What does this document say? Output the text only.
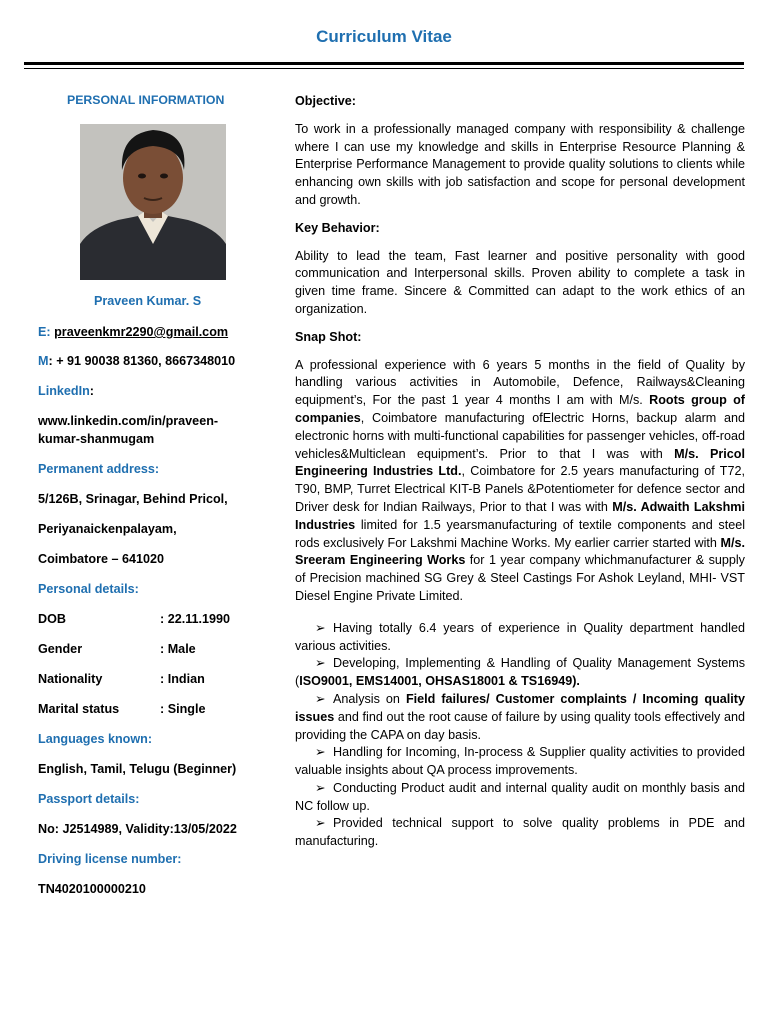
Curriculum Vitae
PERSONAL INFORMATION
Praveen Kumar. S
E: praveenkmr2290@gmail.com
M: + 91 90038 81360, 8667348010
LinkedIn:
www.linkedin.com/in/praveen-
kumar-shanmugam
Permanent address:
5/126B, Srinagar, Behind Pricol,
Periyanaickenpalayam,
Coimbatore – 641020
Personal details:
DOB	: 22.11.1990
Gender	: Male
Nationality	: Indian
Marital status	: Single
Languages known:
English, Tamil, Telugu (Beginner)
Passport details:
No: J2514989, Validity:13/05/2022
Driving license number:
TN4020100000210

Objective:

To work in a professionally managed company with responsibility & challenge where I can use my knowledge and skills in Enterprise Resource Planning & Enterprise Performance Management to provide quality solutions to clients while enhancing own skills with job satisfaction and scope for personal development and growth.

Key Behavior:

Ability to lead the team, Fast learner and positive personality with good communication and Interpersonal skills. Proven ability to complete a task in given time frame. Sincere & Committed can adapt to the work ethics of an organization.

Snap Shot:

A professional experience with 6 years 5 months in the field of Quality by handling various activities in Automobile, Defence, Railways&Cleaning equipment’s, For the past 1 year 4 months I am with M/s. Roots group of companies, Coimbatore manufacturing ofElectric Horns, backup alarm and electronic horns with multi-functional capabilities for passenger vehicles, off-road vehicles&Multiclean equipment’s. Prior to that I was with M/s. Pricol Engineering Industries Ltd., Coimbatore for 2.5 years manufacturing of T72, T90, BMP, Turret Electrical KIT-B Panels &Potentiometer for defence sector and Driver desk for Indian Railways, Prior to that I was with M/s. Adwaith Lakshmi Industries limited for 1.5 yearsmanufacturing of textile components and steel rods exclusively For Lakshmi Machine Works. My earlier carrier started with M/s. Sreeram Engineering Works for 1 year company whichmanufacturer & supply of Precision machined SG Grey & Steel Castings For Ashok Leyland, MHI- VST Diesel Engine Private Limited.

➢ Having totally 6.4 years of experience in Quality department handled various activities.

➢ Developing, Implementing & Handling of Quality Management Systems (ISO9001, EMS14001, OHSAS18001 & TS16949).

➢ Analysis on Field failures/ Customer complaints / Incoming quality issues and find out the root cause of failure by using quality tools effectively and providing the CAPA on day basis.

➢ Handling for Incoming, In-process & Supplier quality activities to provided valuable insights about QA process improvements.

➢ Conducting Product audit and internal quality audit on monthly basis and NC follow up.

➢ Provided technical support to solve quality problems in PDE and manufacturing.
